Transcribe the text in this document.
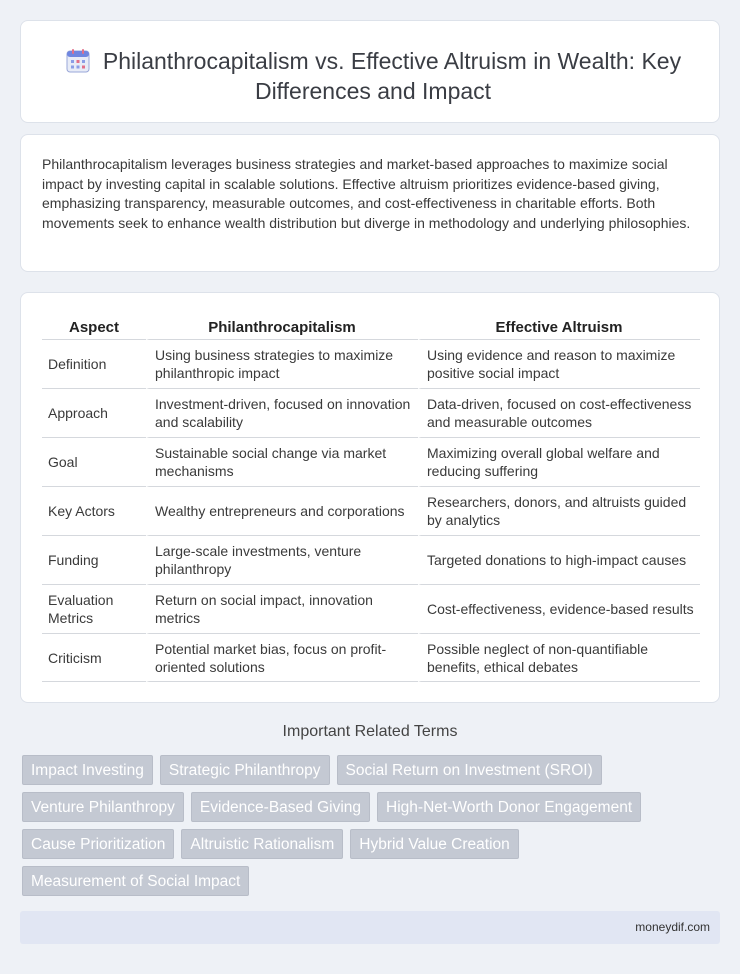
Philanthrocapitalism vs. Effective Altruism in Wealth: Key Differences and Impact

Philanthrocapitalism leverages business strategies and market-based approaches to maximize social impact by investing capital in scalable solutions. Effective altruism prioritizes evidence-based giving, emphasizing transparency, measurable outcomes, and cost-effectiveness in charitable efforts. Both movements seek to enhance wealth distribution but diverge in methodology and underlying philosophies.

Aspect	Philanthrocapitalism	Effective Altruism
Definition	Using business strategies to maximize philanthropic impact	Using evidence and reason to maximize positive social impact
Approach	Investment-driven, focused on innovation and scalability	Data-driven, focused on cost-effectiveness and measurable outcomes
Goal	Sustainable social change via market mechanisms	Maximizing overall global welfare and reducing suffering
Key Actors	Wealthy entrepreneurs and corporations	Researchers, donors, and altruists guided by analytics
Funding	Large-scale investments, venture philanthropy	Targeted donations to high-impact causes
Evaluation Metrics	Return on social impact, innovation metrics	Cost-effectiveness, evidence-based results
Criticism	Potential market bias, focus on profit-oriented solutions	Possible neglect of non-quantifiable benefits, ethical debates
Important Related Terms
Impact Investing	Strategic Philanthropy	Social Return on Investment (SROI)
Venture Philanthropy	Evidence-Based Giving	High-Net-Worth Donor Engagement
Cause Prioritization	Altruistic Rationalism	Hybrid Value Creation
Measurement of Social Impact
moneydif.com
